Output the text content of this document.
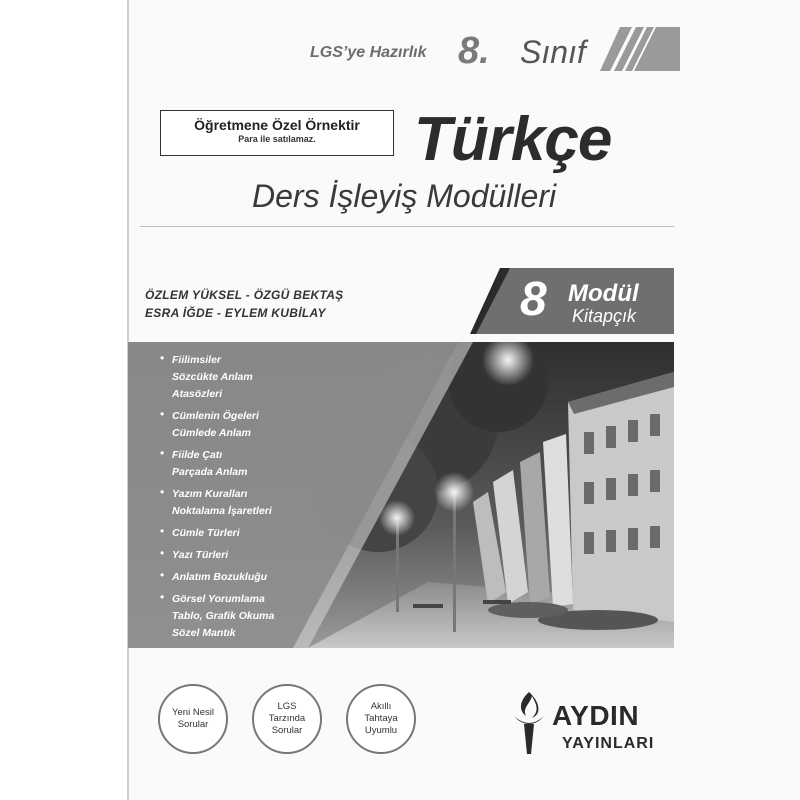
LGS’ye Hazırlık 8. Sınıf
Öğretmene Özel Örnektir
Para ile satılamaz.	Türkçe
Ders İşleyiş Modülleri
ÖZLEM YÜKSEL - ÖZGÜ BEKTAŞ
ESRA İĞDE - EYLEM KUBİLAY	8 Modül
Kitapçık
• Fiilimsiler
Sözcükte Anlam
Atasözleri
• Cümlenin Ögeleri
Cümlede Anlam
• Fiilde Çatı
Parçada Anlam
• Yazım Kuralları
Noktalama İşaretleri
• Cümle Türleri
• Yazı Türleri
• Anlatım Bozukluğu
• Görsel Yorumlama
Tablo, Grafik Okuma
Sözel Mantık
Yeni Nesil
Sorular
LGS
Tarzında
Sorular
Akıllı
Tahtaya
Uyumlu	AYDIN
YAYINLARI
